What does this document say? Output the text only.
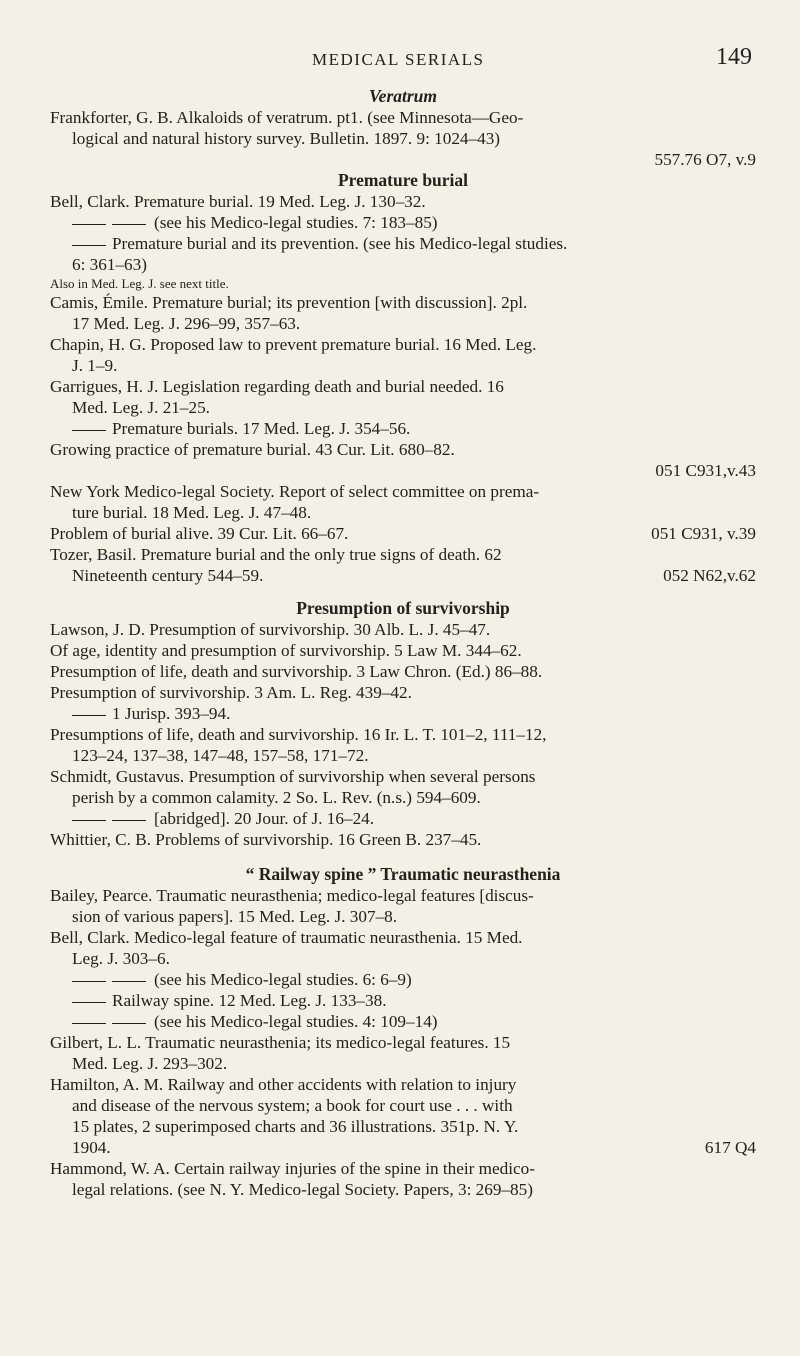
MEDICAL SERIALS	149
Veratrum
Frankforter, G. B. Alkaloids of veratrum. pt1. (see Minnesota—Geo-
logical and natural history survey. Bulletin. 1897. 9: 1024–43)
557.76 O7, v.9
Premature burial
Bell, Clark. Premature burial. 19 Med. Leg. J. 130–32.
(see his Medico-legal studies. 7: 183–85)
Premature burial and its prevention. (see his Medico-legal studies.
6: 361–63)
Also in Med. Leg. J. see next title.
Camis, Émile. Premature burial; its prevention [with discussion]. 2pl.
17 Med. Leg. J. 296–99, 357–63.
Chapin, H. G. Proposed law to prevent premature burial. 16 Med. Leg.
J. 1–9.
Garrigues, H. J. Legislation regarding death and burial needed. 16
Med. Leg. J. 21–25.
Premature burials. 17 Med. Leg. J. 354–56.
Growing practice of premature burial. 43 Cur. Lit. 680–82.
051 C931,v.43
New York Medico-legal Society. Report of select committee on prema-
ture burial. 18 Med. Leg. J. 47–48.
Problem of burial alive. 39 Cur. Lit. 66–67.	051 C931, v.39
Tozer, Basil. Premature burial and the only true signs of death. 62
Nineteenth century 544–59.	052 N62,v.62
Presumption of survivorship
Lawson, J. D. Presumption of survivorship. 30 Alb. L. J. 45–47.
Of age, identity and presumption of survivorship. 5 Law M. 344–62.
Presumption of life, death and survivorship. 3 Law Chron. (Ed.) 86–88.
Presumption of survivorship. 3 Am. L. Reg. 439–42.
1 Jurisp. 393–94.
Presumptions of life, death and survivorship. 16 Ir. L. T. 101–2, 111–12,
123–24, 137–38, 147–48, 157–58, 171–72.
Schmidt, Gustavus. Presumption of survivorship when several persons
perish by a common calamity. 2 So. L. Rev. (n.s.) 594–609.
[abridged]. 20 Jour. of J. 16–24.
Whittier, C. B. Problems of survivorship. 16 Green B. 237–45.
“ Railway spine ” Traumatic neurasthenia
Bailey, Pearce. Traumatic neurasthenia; medico-legal features [discus-
sion of various papers]. 15 Med. Leg. J. 307–8.
Bell, Clark. Medico-legal feature of traumatic neurasthenia. 15 Med.
Leg. J. 303–6.
(see his Medico-legal studies. 6: 6–9)
Railway spine. 12 Med. Leg. J. 133–38.
(see his Medico-legal studies. 4: 109–14)
Gilbert, L. L. Traumatic neurasthenia; its medico-legal features. 15
Med. Leg. J. 293–302.
Hamilton, A. M. Railway and other accidents with relation to injury
and disease of the nervous system; a book for court use . . . with
15 plates, 2 superimposed charts and 36 illustrations. 351p. N. Y.
1904.	617 Q4
Hammond, W. A. Certain railway injuries of the spine in their medico-
legal relations. (see N. Y. Medico-legal Society. Papers, 3: 269–85)
